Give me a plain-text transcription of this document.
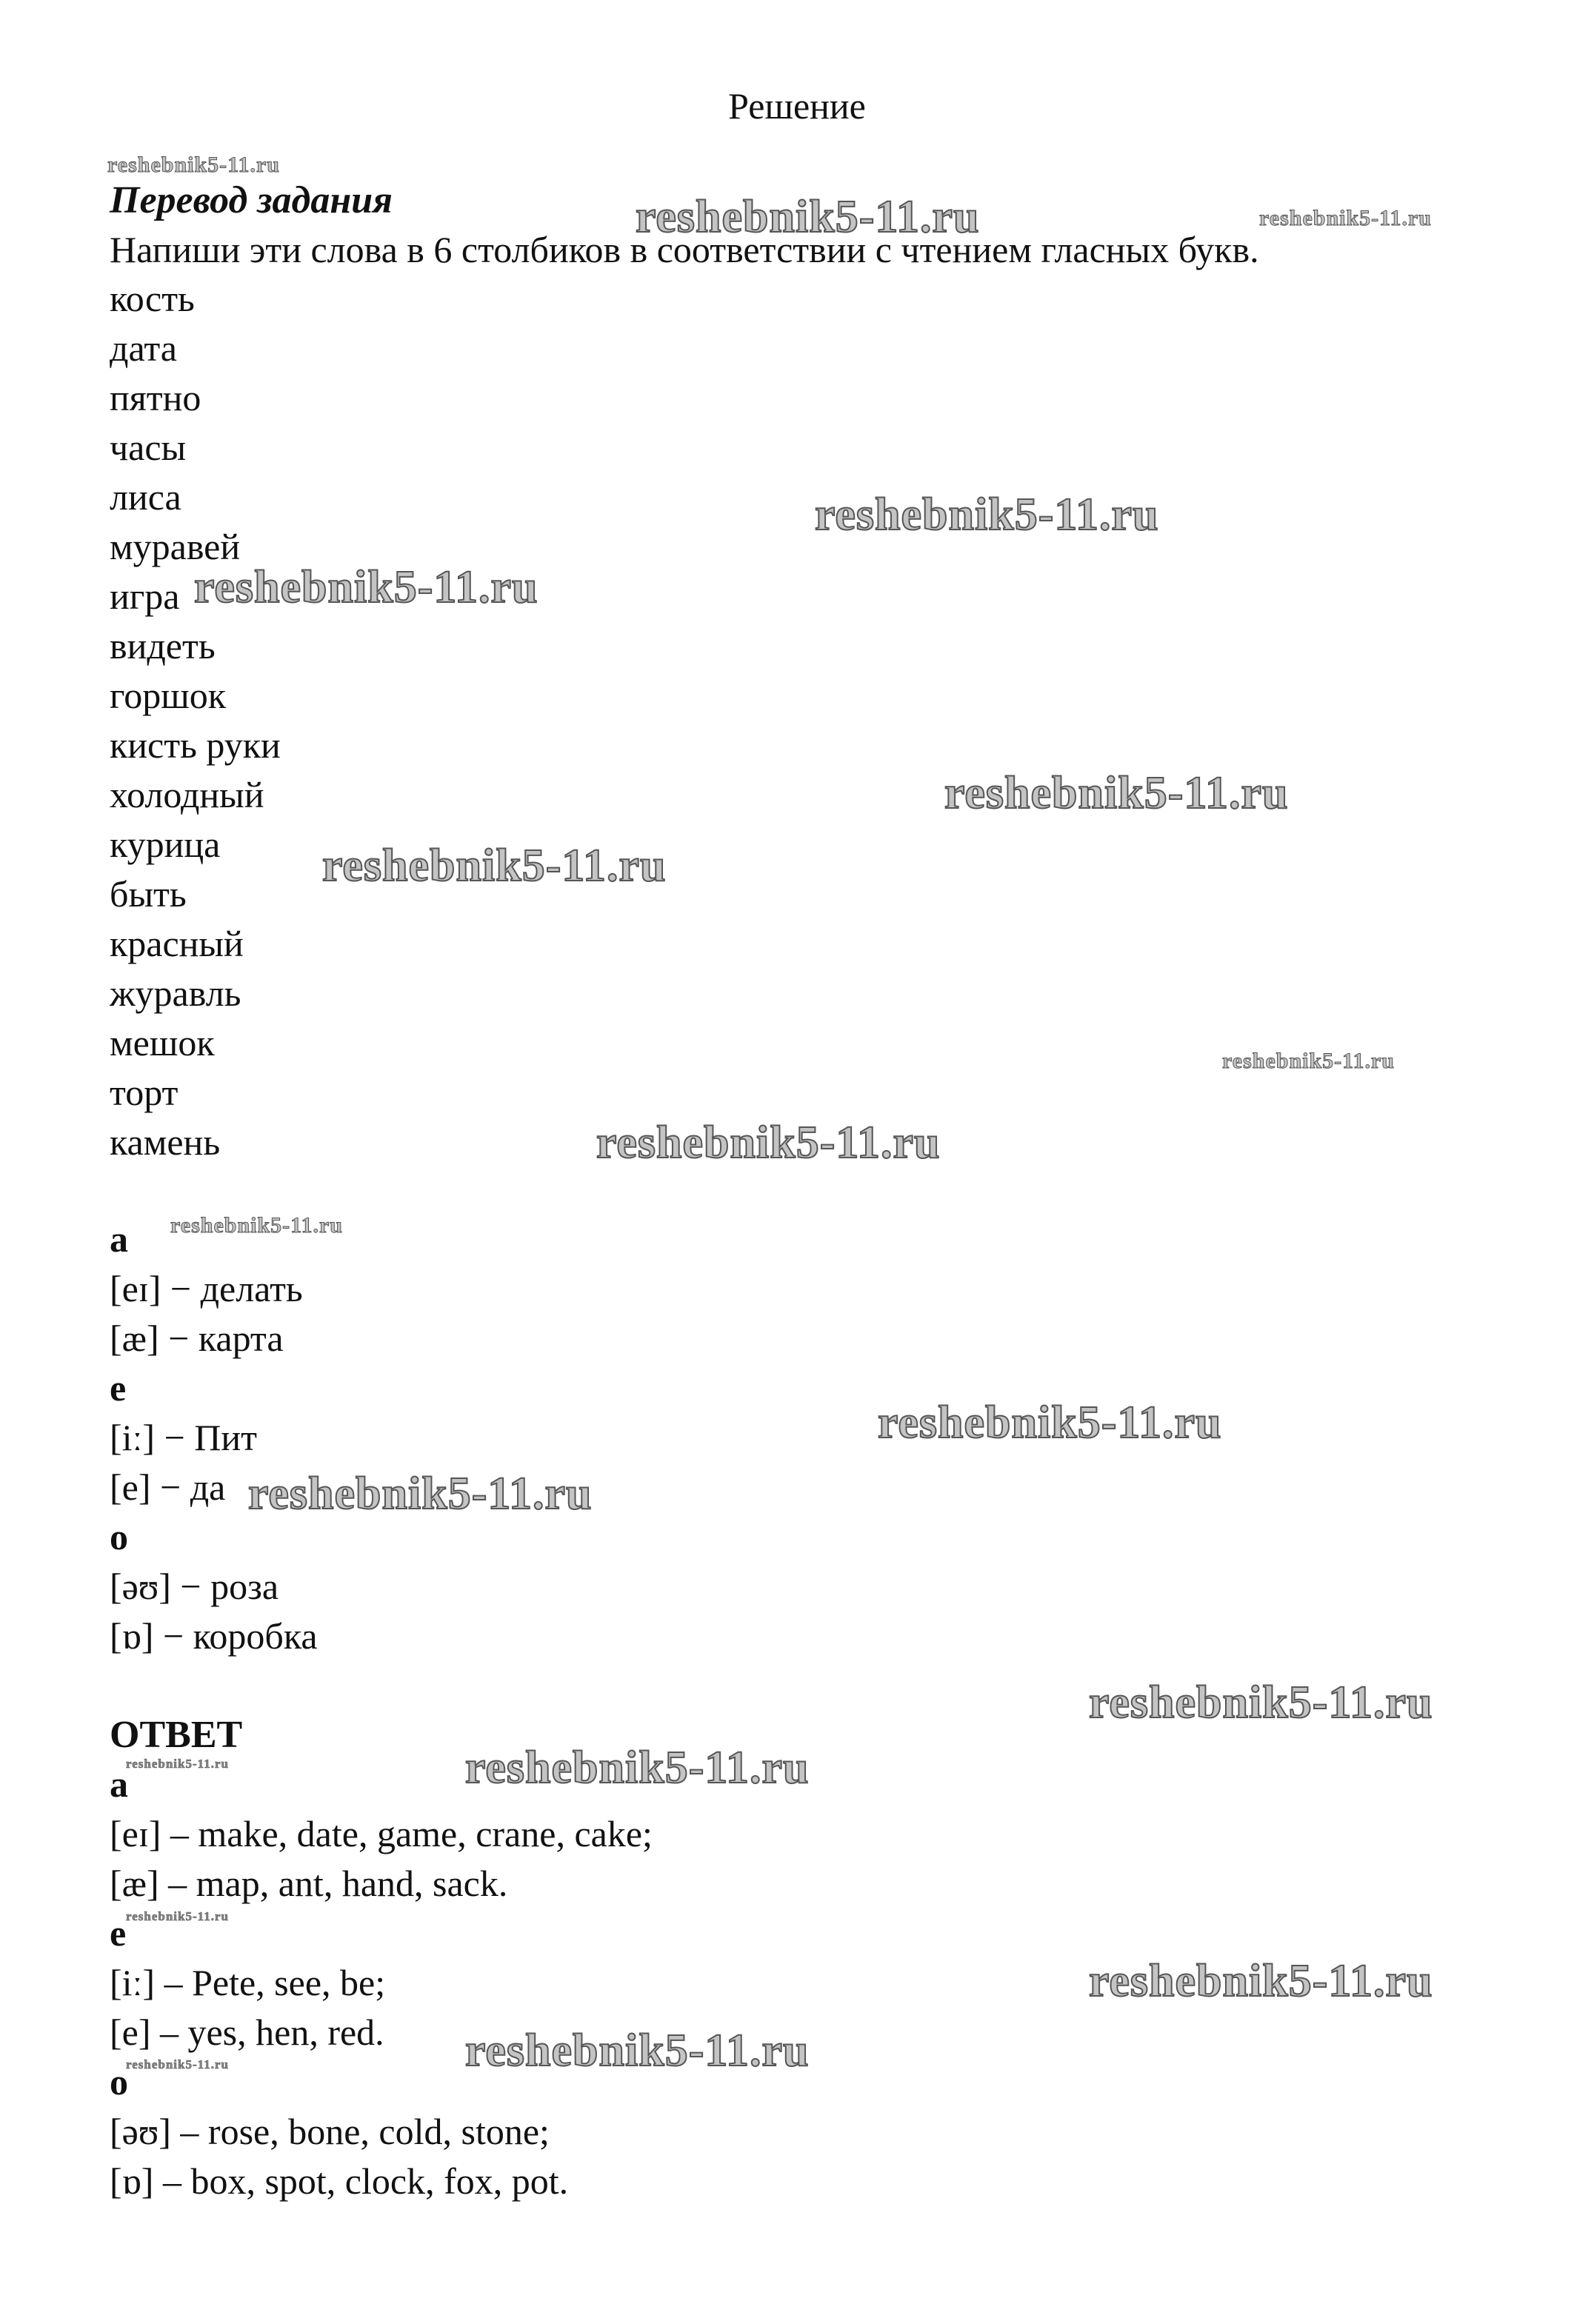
Решение
Перевод задания
Напиши эти слова в 6 столбиков в соответствии с чтением гласных букв.
кость
дата
пятно
часы
лиса
муравей
игра
видеть
горшок
кисть руки
холодный
курица
быть
красный
журавль
мешок
торт
камень
a
[eɪ] − делать
[æ] − карта
e
[iː] − Пит
[e] − да
o
[əʊ] − роза
[ɒ] − коробка
ОТВЕТ
a
[eɪ] – make, date, game, crane, cake;
[æ] – map, ant, hand, sack.
e
[iː] – Pete, see, be;
[e] – yes, hen, red.
o
[əʊ] – rose, bone, cold, stone;
[ɒ] – box, spot, clock, fox, pot.
reshebnik5-11.ru
reshebnik5-11.ru	reshebnik5-11.ru
reshebnik5-11.ru
reshebnik5-11.ru
reshebnik5-11.ru
reshebnik5-11.ru
reshebnik5-11.ru
reshebnik5-11.ru
reshebnik5-11.ru
reshebnik5-11.ru
reshebnik5-11.ru
reshebnik5-11.ru
reshebnik5-11.ru	reshebnik5-11.ru
reshebnik5-11.ru
reshebnik5-11.ru
reshebnik5-11.ru
reshebnik5-11.ru
